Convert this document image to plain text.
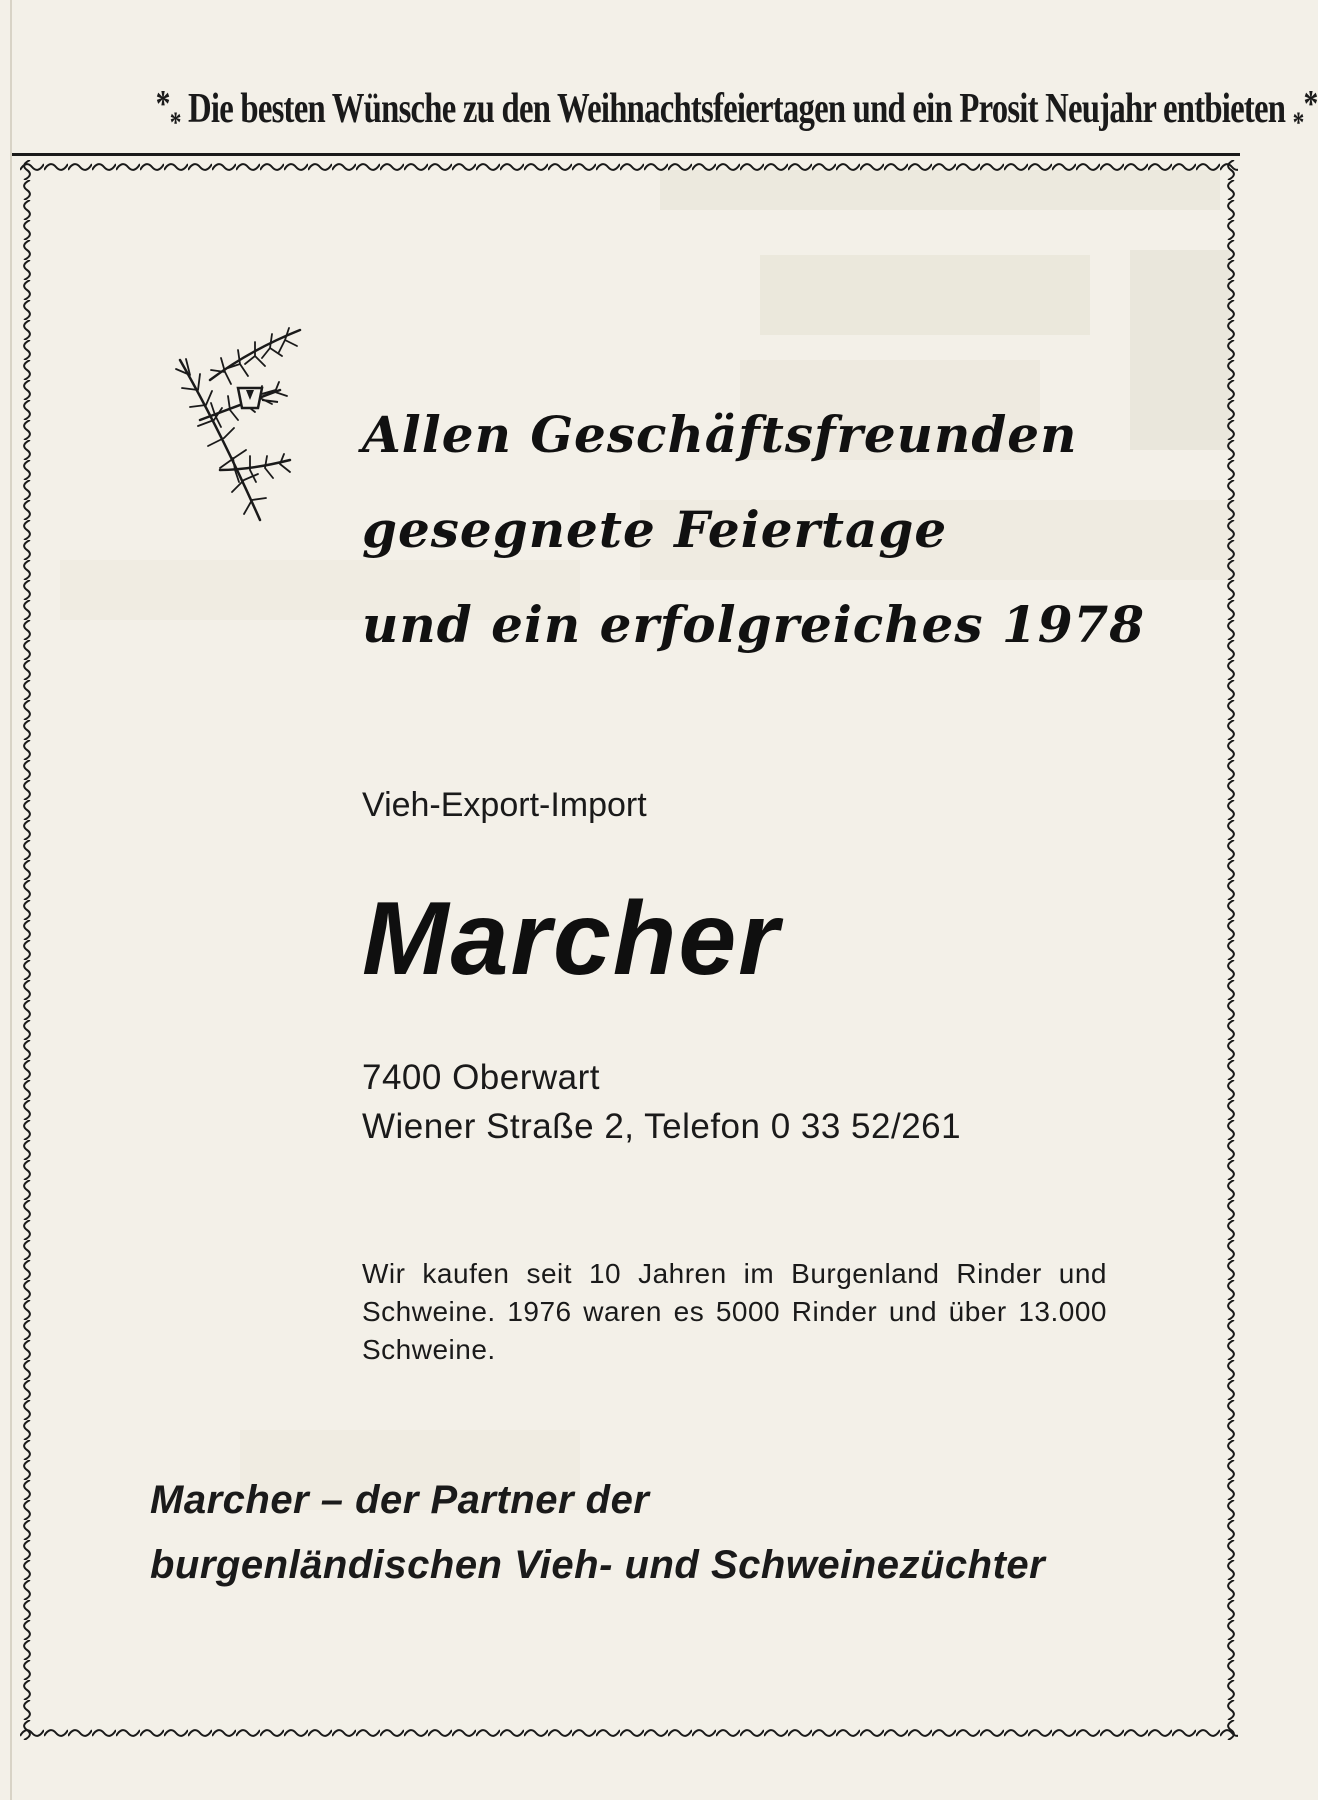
$*_*$ Die besten Wünsche zu den Weihnachtsfeiertagen und ein Prosit Neujahr entbieten $_*$*
Allen Geschäftsfreunden
gesegnete Feiertage
und ein erfolgreiches 1978
Vieh-Export-Import
Marcher
7400 Oberwart
Wiener Straße 2, Telefon 0 33 52/261
Wir kaufen seit 10 Jahren im Burgenland Rinder und Schweine. 1976 waren es 5000 Rinder und über 13.000 Schweine.
Marcher – der Partner der
burgenländischen Vieh- und Schweinezüchter
